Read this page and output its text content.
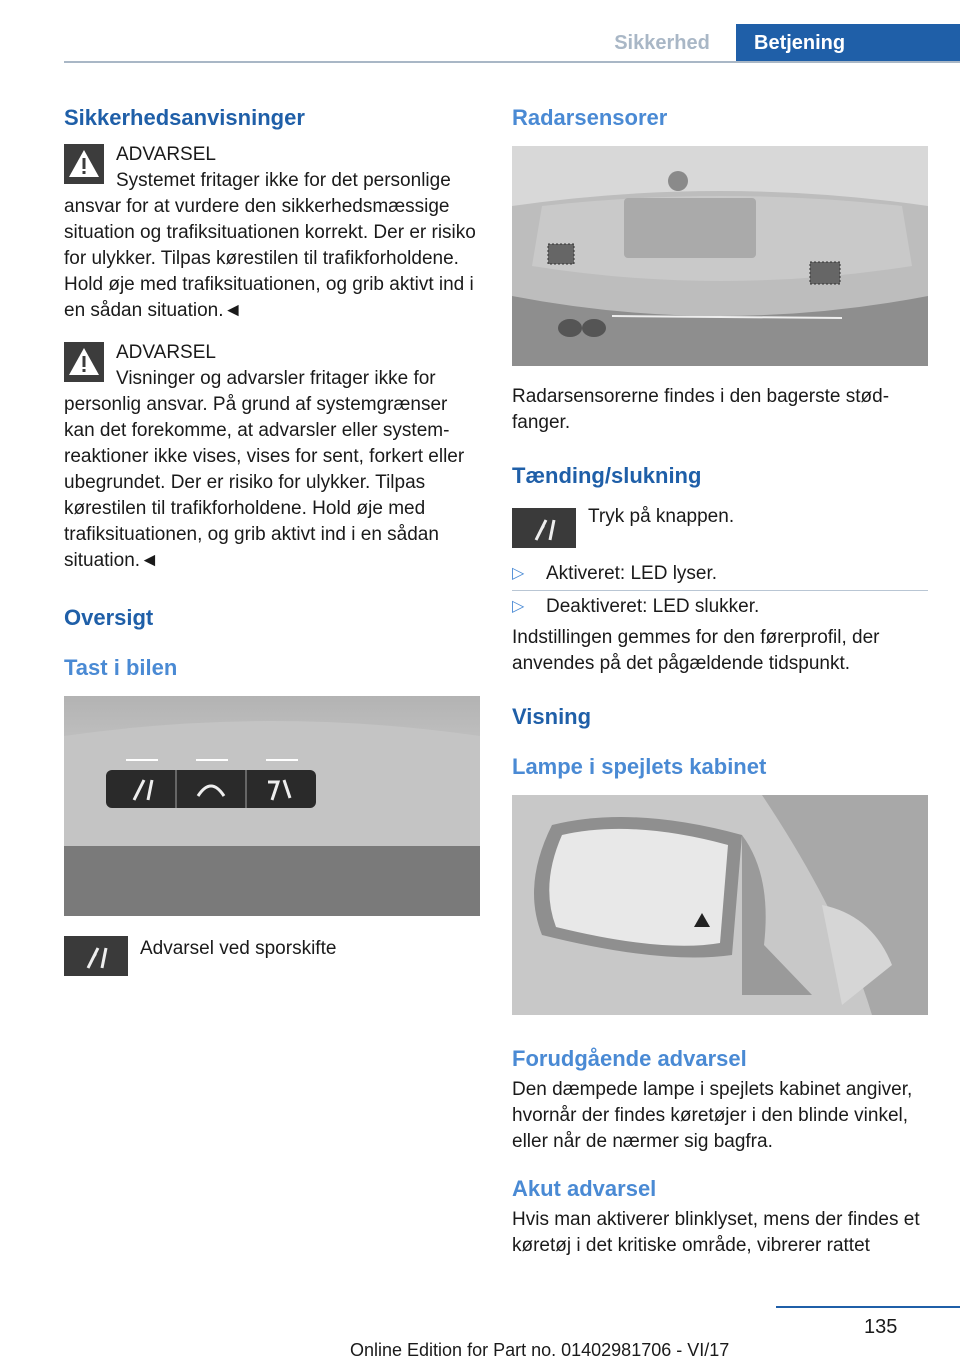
Sikkerhed	Betjening
Sikkerhedsanvisninger

ADVARSEL

Systemet fritager ikke for det personlige ansvar for at vurdere den sikkerhedsmæssige situation og trafiksituationen korrekt. Der er risiko for ulykker. Tilpas kørestilen til trafikforholdene. Hold øje med trafiksituationen, og grib aktivt ind i en sådan situation.◄

ADVARSEL

Visninger og advarsler fritager ikke for personlig ansvar. På grund af systemgrænser kan det forekomme, at advarsler eller systemreaktioner ikke vises, vises for sent, forkert eller ubegrundet. Der er risiko for ulykker. Tilpas kørestilen til trafikforholdene. Hold øje med trafiksituationen, og grib aktivt ind i en sådan situation.◄

Oversigt
Tast i bilen

Advarsel ved sporskifte

Radarsensorer

Radarsensorerne findes i den bagerste stødfanger.

Tænding/slukning

Tryk på knappen.

▷ Aktiveret: LED lyser.
▷ Deaktiveret: LED slukker.

Indstillingen gemmes for den førerprofil, der anvendes på det pågældende tidspunkt.

Visning
Lampe i spejlets kabinet
Forudgående advarsel

Den dæmpede lampe i spejlets kabinet angiver, hvornår der findes køretøjer i den blinde vinkel, eller når de nærmer sig bagfra.

Akut advarsel

Hvis man aktiverer blinklyset, mens der findes et køretøj i det kritiske område, vibrerer rattet

135
Online Edition for Part no. 01402981706 - VI/17
